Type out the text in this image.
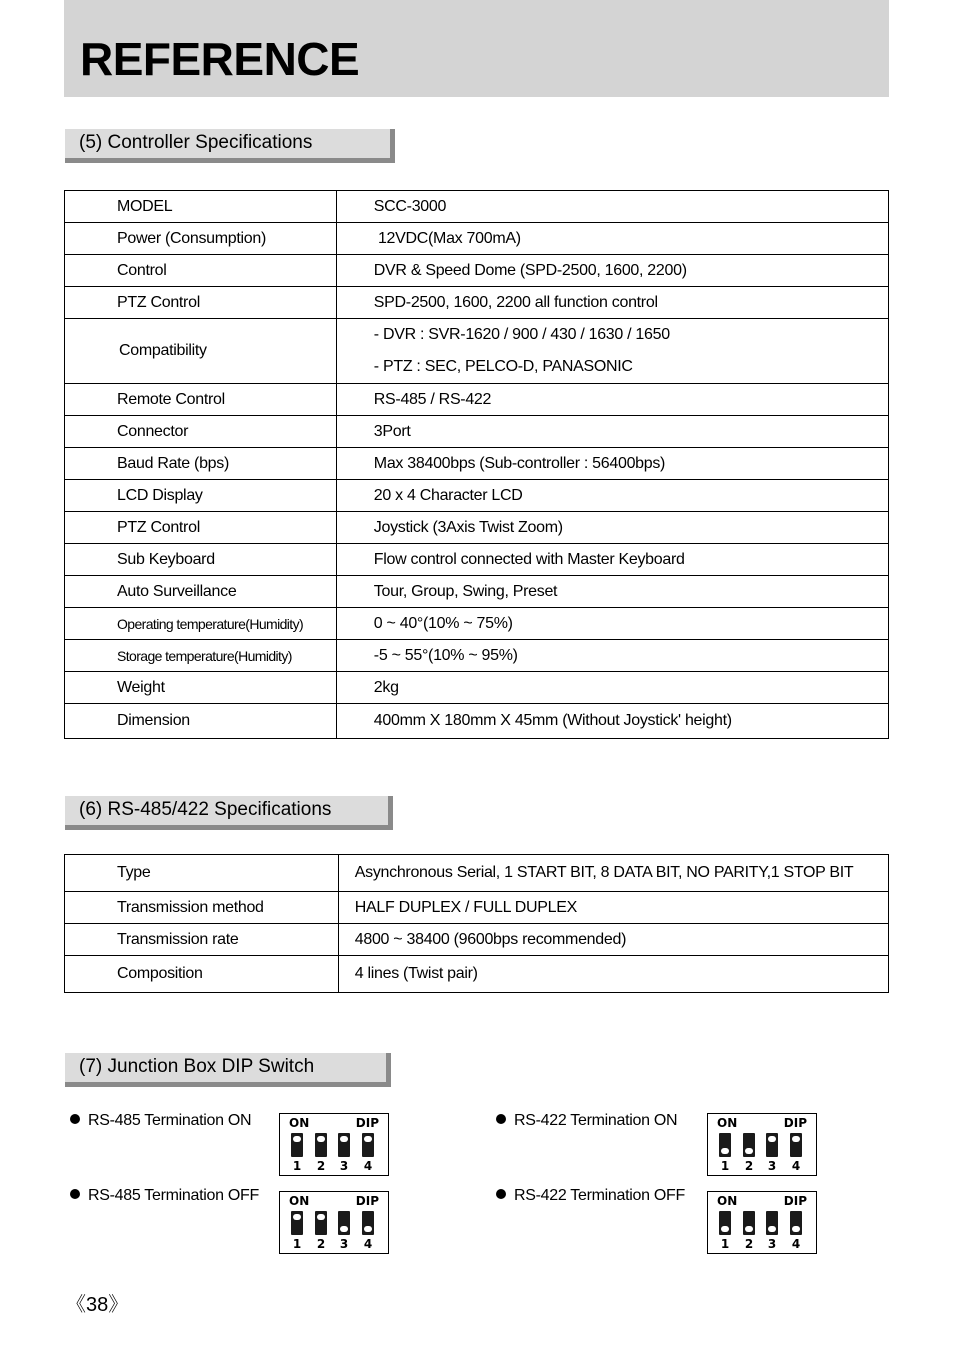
REFERENCE
(5) Controller Specifications
MODEL	SCC-3000
Power (Consumption)	12VDC(Max 700mA)
Control	DVR & Speed Dome (SPD-2500, 1600, 2200)
PTZ Control	SPD-2500, 1600, 2200 all function control
Compatibility	- DVR : SVR-1620 / 900 / 430 / 1630 / 1650
- PTZ : SEC, PELCO-D, PANASONIC

Remote Control	RS-485 / RS-422
Connector	3Port
Baud Rate (bps)	Max 38400bps (Sub-controller : 56400bps)
LCD Display	20 x 4 Character LCD
PTZ Control	Joystick (3Axis Twist Zoom)
Sub Keyboard	Flow control connected with Master Keyboard
Auto Surveillance	Tour, Group, Swing, Preset
Operating temperature(Humidity)	0 ~ 40°(10% ~ 75%)
Storage temperature(Humidity)	-5 ~ 55°(10% ~ 95%)
Weight	2kg
Dimension	400mm X 180mm X 45mm (Without Joystick' height)
(6) RS-485/422 Specifications
Type	Asynchronous Serial, 1 START BIT, 8 DATA BIT, NO PARITY,1 STOP BIT
Transmission method	HALF DUPLEX / FULL DUPLEX
Transmission rate	4800 ~ 38400 (9600bps recommended)
Composition	4 lines (Twist pair)
(7) Junction Box DIP Switch
RS-485 Termination ON
RS-485 Termination OFF
RS-422 Termination ON
RS-422 Termination OFF
ON	DIP
1 2 3 4
ON	DIP
1 2 3 4
ON	DIP
1 2 3 4
ON	DIP
1 2 3 4
《38》
